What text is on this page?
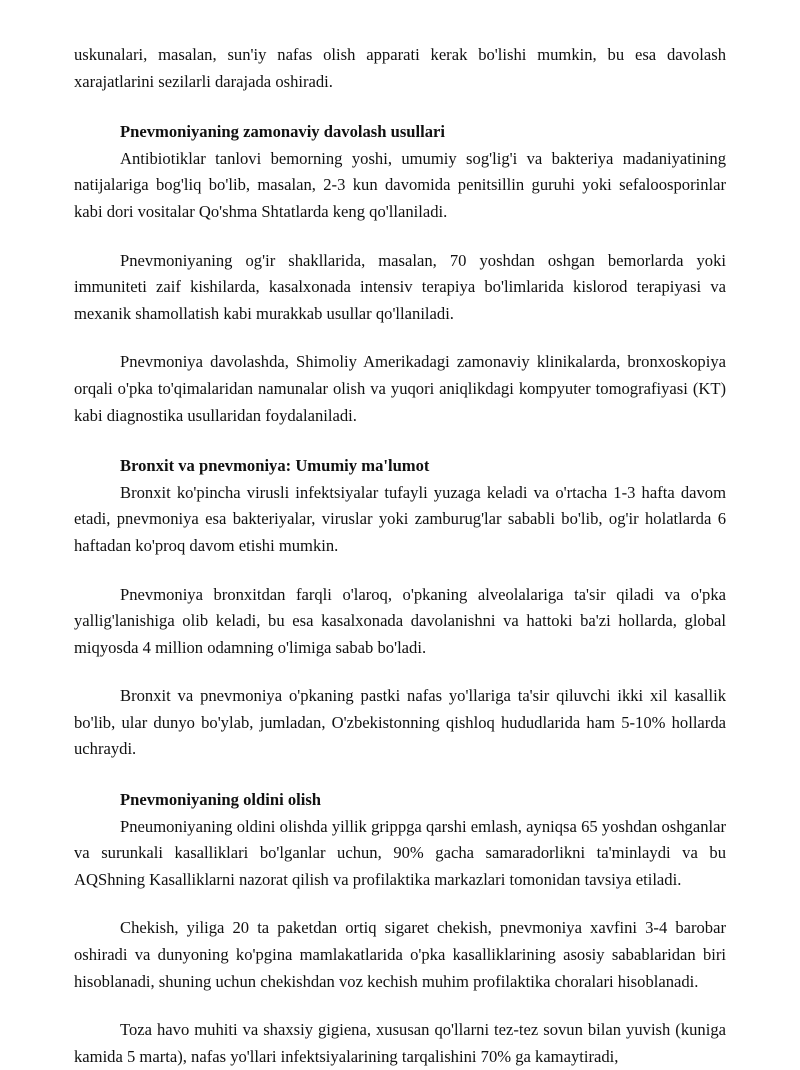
uskunalari, masalan, sun'iy nafas olish apparati kerak bo'lishi mumkin, bu esa davolash xarajatlarini sezilarli darajada oshiradi.

Pnevmoniyaning zamonaviy davolash usullari

Antibiotiklar tanlovi bemorning yoshi, umumiy sog'lig'i va bakteriya madaniyatining natijalariga bog'liq bo'lib, masalan, 2-3 kun davomida penitsillin guruhi yoki sefaloosporinlar kabi dori vositalar Qo'shma Shtatlarda keng qo'llaniladi.

Pnevmoniyaning og'ir shakllarida, masalan, 70 yoshdan oshgan bemorlarda yoki immuniteti zaif kishilarda, kasalxonada intensiv terapiya bo'limlarida kislorod terapiyasi va mexanik shamollatish kabi murakkab usullar qo'llaniladi.

Pnevmoniya davolashda, Shimoliy Amerikadagi zamonaviy klinikalarda, bronxoskopiya orqali o'pka to'qimalaridan namunalar olish va yuqori aniqlikdagi kompyuter tomografiyasi (KT) kabi diagnostika usullaridan foydalaniladi.

Bronxit va pnevmoniya: Umumiy ma'lumot

Bronxit ko'pincha virusli infektsiyalar tufayli yuzaga keladi va o'rtacha 1-3 hafta davom etadi, pnevmoniya esa bakteriyalar, viruslar yoki zamburug'lar sababli bo'lib, og'ir holatlarda 6 haftadan ko'proq davom etishi mumkin.

Pnevmoniya bronxitdan farqli o'laroq, o'pkaning alveolalariga ta'sir qiladi va o'pka yallig'lanishiga olib keladi, bu esa kasalxonada davolanishni va hattoki ba'zi hollarda, global miqyosda 4 million odamning o'limiga sabab bo'ladi.

Bronxit va pnevmoniya o'pkaning pastki nafas yo'llariga ta'sir qiluvchi ikki xil kasallik bo'lib, ular dunyo bo'ylab, jumladan, O'zbekistonning qishloq hududlarida ham 5-10% hollarda uchraydi.

Pnevmoniyaning oldini olish

Pneumoniyaning oldini olishda yillik grippga qarshi emlash, ayniqsa 65 yoshdan oshganlar va surunkali kasalliklari bo'lganlar uchun, 90% gacha samaradorlikni ta'minlaydi va bu AQShning Kasalliklarni nazorat qilish va profilaktika markazlari tomonidan tavsiya etiladi.

Chekish, yiliga 20 ta paketdan ortiq sigaret chekish, pnevmoniya xavfini 3-4 barobar oshiradi va dunyoning ko'pgina mamlakatlarida o'pka kasalliklarining asosiy sabablaridan biri hisoblanadi, shuning uchun chekishdan voz kechish muhim profilaktika choralari hisoblanadi.

Toza havo muhiti va shaxsiy gigiena, xususan qo'llarni tez-tez sovun bilan yuvish (kuniga kamida 5 marta), nafas yo'llari infektsiyalarining tarqalishini 70% ga kamaytiradi,
